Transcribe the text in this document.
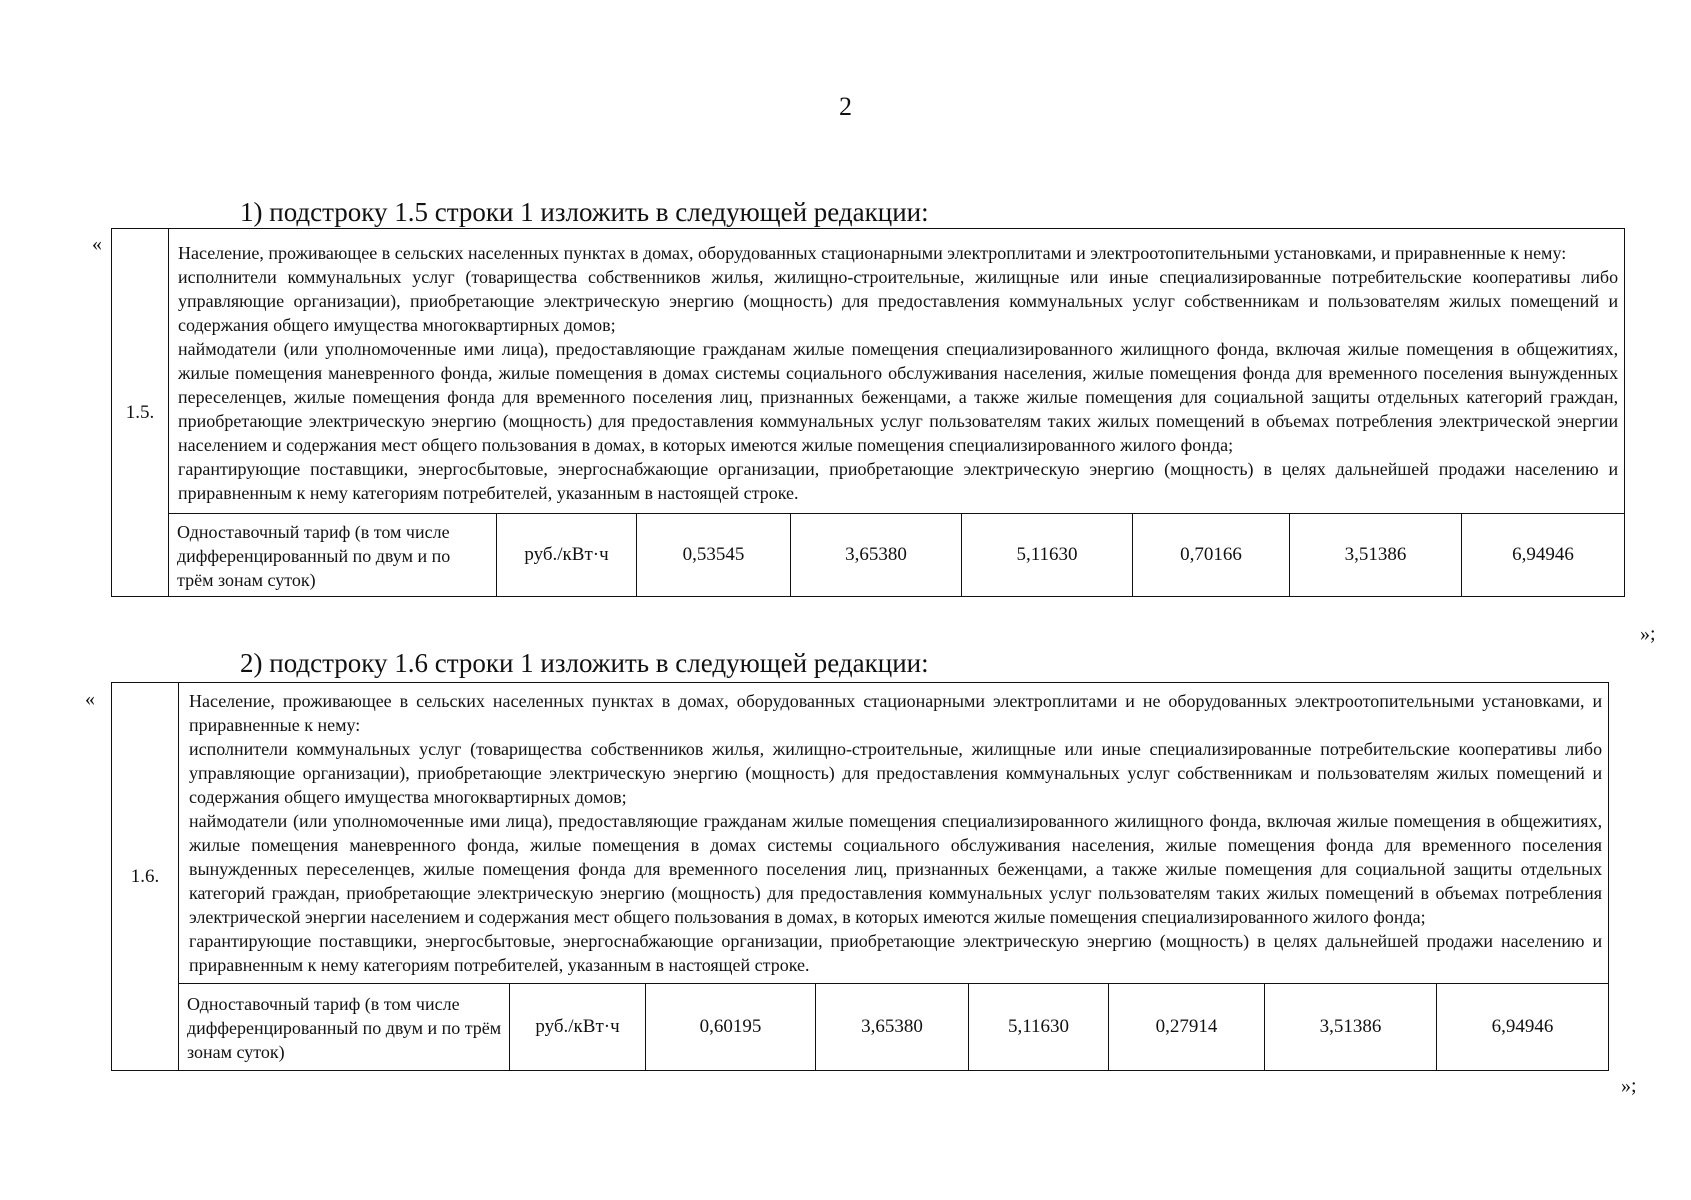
2
1) подстроку 1.5 строки 1 изложить в следующей редакции:
«
1.5.	Население, проживающее в сельских населенных пунктах в домах, оборудованных стационарными электроплитами и электроотопительными установками, и приравненные к нему:

исполнители коммунальных услуг (товарищества собственников жилья, жилищно-строительные, жилищные или иные специализированные потребительские кооперативы либо управляющие организации), приобретающие электрическую энергию (мощность) для предоставления коммунальных услуг собственникам и пользователям жилых помещений и содержания общего имущества многоквартирных домов;

наймодатели (или уполномоченные ими лица), предоставляющие гражданам жилые помещения специализированного жилищного фонда, включая жилые помещения в общежитиях, жилые помещения маневренного фонда, жилые помещения в домах системы социального обслуживания населения, жилые помещения фонда для временного поселения вынужденных переселенцев, жилые помещения фонда для временного поселения лиц, признанных беженцами, а также жилые помещения для социальной защиты отдельных категорий граждан, приобретающие электрическую энергию (мощность) для предоставления коммунальных услуг пользователям таких жилых помещений в объемах потребления электрической энергии населением и содержания мест общего пользования в домах, в которых имеются жилые помещения специализированного жилого фонда;

гарантирующие поставщики, энергосбытовые, энергоснабжающие организации, приобретающие электрическую энергию (мощность) в целях дальнейшей продажи населению и приравненным к нему категориям потребителей, указанным в настоящей строке.							

	Одноставочный тариф (в том числе дифференцированный по двум и по трём зонам суток)	руб./кВт·ч	0,53545	3,65380	5,11630	0,70166	3,51386	6,94946
»;
2) подстроку 1.6 строки 1 изложить в следующей редакции:
«
1.6.	Население, проживающее в сельских населенных пунктах в домах, оборудованных стационарными электроплитами и не оборудованных электроотопительными установками, и приравненные к нему:

исполнители коммунальных услуг (товарищества собственников жилья, жилищно-строительные, жилищные или иные специализированные потребительские кооперативы либо управляющие организации), приобретающие электрическую энергию (мощность) для предоставления коммунальных услуг собственникам и пользователям жилых помещений и содержания общего имущества многоквартирных домов;

наймодатели (или уполномоченные ими лица), предоставляющие гражданам жилые помещения специализированного жилищного фонда, включая жилые помещения в общежитиях, жилые помещения маневренного фонда, жилые помещения в домах системы социального обслуживания населения, жилые помещения фонда для временного поселения вынужденных переселенцев, жилые помещения фонда для временного поселения лиц, признанных беженцами, а также жилые помещения для социальной защиты отдельных категорий граждан, приобретающие электрическую энергию (мощность) для предоставления коммунальных услуг пользователям таких жилых помещений в объемах потребления электрической энергии населением и содержания мест общего пользования в домах, в которых имеются жилые помещения специализированного жилого фонда;

гарантирующие поставщики, энергосбытовые, энергоснабжающие организации, приобретающие электрическую энергию (мощность) в целях дальнейшей продажи населению и приравненным к нему категориям потребителей, указанным в настоящей строке.							

	Одноставочный тариф (в том числе дифференцированный по двум и по трём зонам суток)	руб./кВт·ч	0,60195	3,65380	5,11630	0,27914	3,51386	6,94946
»;
